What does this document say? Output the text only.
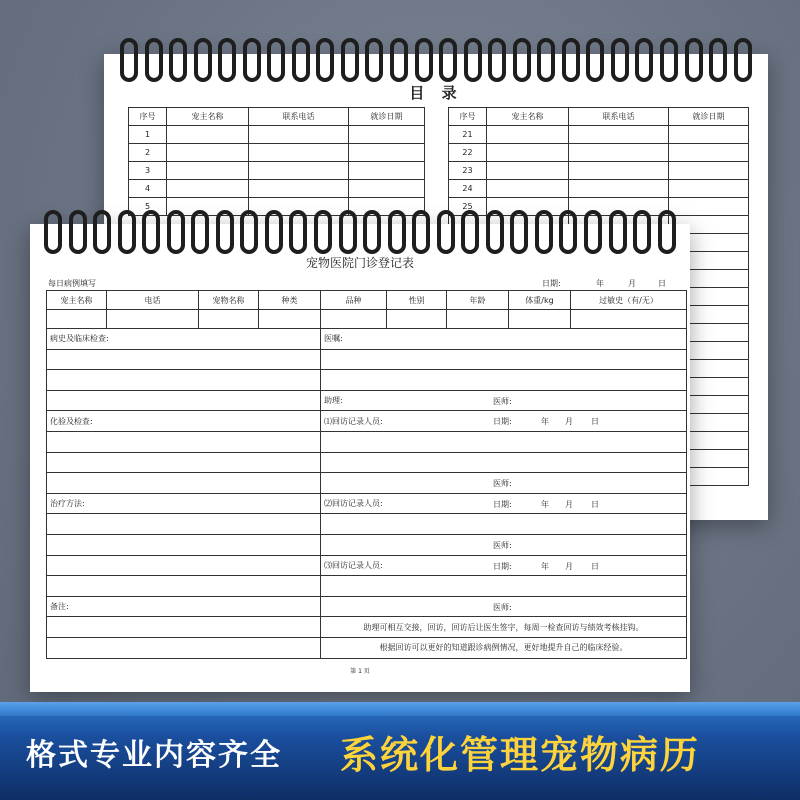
目 录
序号	宠主名称	联系电话	就诊日期
1			
2			
3			
4			
5			
序号	宠主名称	联系电话	就诊日期
21			
22			
23			
24			
25			

宠物医院门诊登记表
每日病例填写	日期:	年	月	日
宠主名称	电话	宠物名称	种类	品种	性别	年龄	体重/kg	过敏史（有/无）

病史及临床检查:				医嘱:				

				助理: 医师:				

化验及检查:				⑴回访记录人员: 日期: 年 月 日				

				医师:				

治疗方法:				⑵回访记录人员: 日期: 年 月 日				

				医师:				

				⑶回访记录人员: 日期: 年 月 日				

备注:				医师:				

				助理可相互交接，回访，回访后让医生签字，每周一检查回访与绩效考核挂钩。				
				根据回访可以更好的知道跟诊病例情况，更好地提升自己的临床经验。				
第 1 页
格式专业内容齐全 系统化管理宠物病历
